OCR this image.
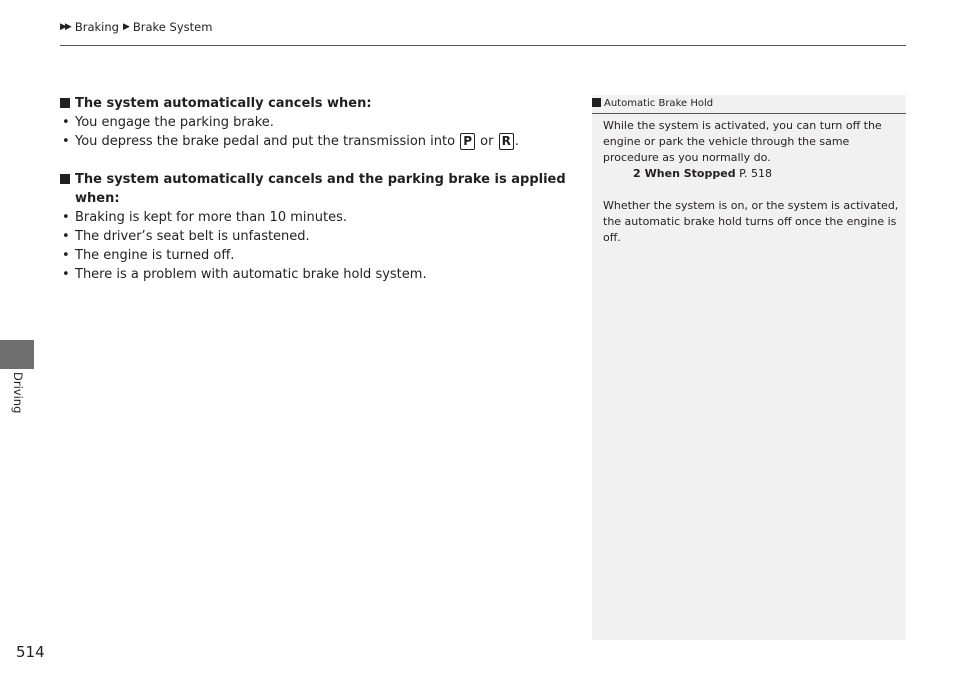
▶▶ Braking ▶ Brake System
Driving
The system automatically cancels when:
• You engage the parking brake.
• You depress the brake pedal and put the transmission into P or R .
The system automatically cancels and the parking brake is applied when:
• Braking is kept for more than 10 minutes.
• The driver’s seat belt is unfastened.
• The engine is turned off.
• There is a problem with automatic brake hold system.
Automatic Brake Hold

While the system is activated, you can turn off the engine or park the vehicle through the same procedure as you normally do.

2 When Stopped P. 518

Whether the system is on, or the system is activated, the automatic brake hold turns off once the engine is off.

514
